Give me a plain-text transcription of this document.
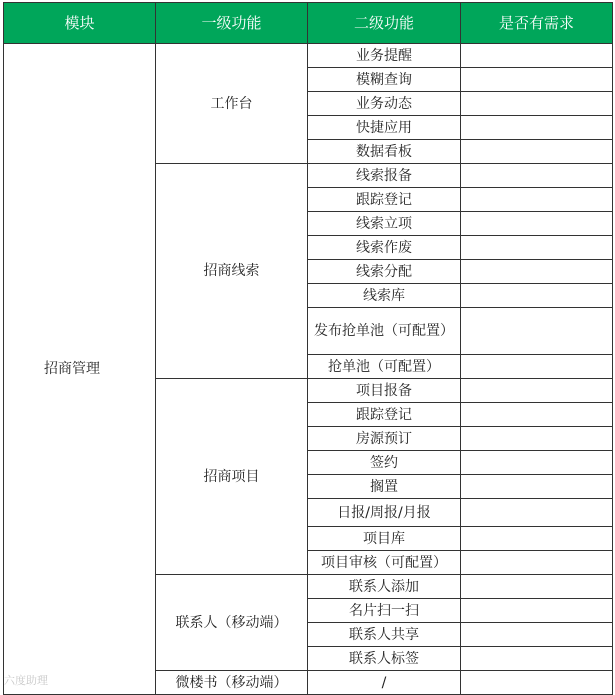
模块	一级功能	二级功能	是否有需求
招商管理	工作台	业务提醒	
		模糊查询	
		业务动态	
		快捷应用	
		数据看板	
	招商线索	线索报备	
		跟踪登记	
		线索立项	
		线索作废	
		线索分配	
		线索库	
		发布抢单池（可配置）	
		抢单池（可配置）	
	招商项目	项目报备	
		跟踪登记	
		房源预订	
		签约	
		搁置	
		日报/周报/月报	
		项目库	
		项目审核（可配置）	
	联系人（移动端）	联系人添加	
		名片扫一扫	
		联系人共享	
		联系人标签	
	微楼书（移动端）	/	
六度助理
